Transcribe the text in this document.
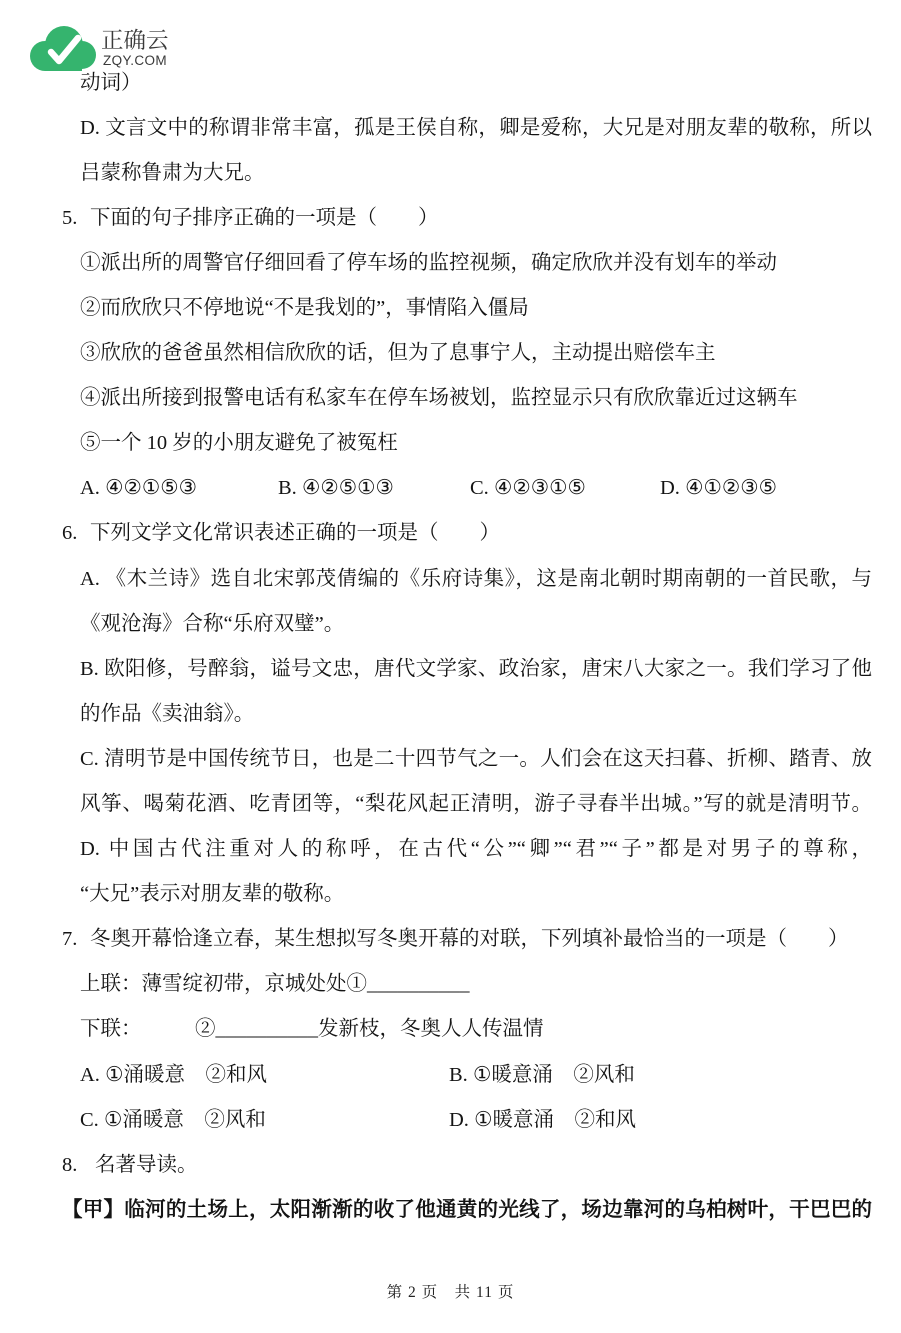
正确云
ZQY.COM
动词）
D. 文言文中的称谓非常丰富，孤是王侯自称，卿是爱称，大兄是对朋友辈的敬称，所以
吕蒙称鲁肃为大兄。
5. 下面的句子排序正确的一项是（　　）
①派出所的周警官仔细回看了停车场的监控视频，确定欣欣并没有划车的举动
②而欣欣只不停地说“不是我划的”，事情陷入僵局
③欣欣的爸爸虽然相信欣欣的话，但为了息事宁人，主动提出赔偿车主
④派出所接到报警电话有私家车在停车场被划，监控显示只有欣欣靠近过这辆车
⑤一个 10 岁的小朋友避免了被冤枉
A. ④②①⑤③	B. ④②⑤①③	C. ④②③①⑤	D. ④①②③⑤
6. 下列文学文化常识表述正确的一项是（　　）
A. 《木兰诗》选自北宋郭茂倩编的《乐府诗集》，这是南北朝时期南朝的一首民歌，与
《观沧海》合称“乐府双璧”。
B. 欧阳修，号醉翁，谥号文忠，唐代文学家、政治家，唐宋八大家之一。我们学习了他
的作品《卖油翁》。
C. 清明节是中国传统节日，也是二十四节气之一。人们会在这天扫暮、折柳、踏青、放
风筝、喝菊花酒、吃青团等，“梨花风起正清明，游子寻春半出城。”写的就是清明节。
D. 中国古代注重对人的称呼，在古代“公”“卿”“君”“子”都是对男子的尊称，
“大兄”表示对朋友辈的敬称。
7. 冬奥开幕恰逢立春，某生想拟写冬奥开幕的对联，下列填补最恰当的一项是（　　）
上联：薄雪绽初带，京城处处①__________
下联：	②__________发新枝，冬奥人人传温情
A. ①涌暖意　②和风	B. ①暖意涌　②风和
C. ①涌暖意　②风和	D. ①暖意涌　②和风
8. 名著导读。
【甲】临河的土场上，太阳渐渐的收了他通黄的光线了，场边靠河的乌柏树叶，干巴巴的
第 2 页　共 11 页
